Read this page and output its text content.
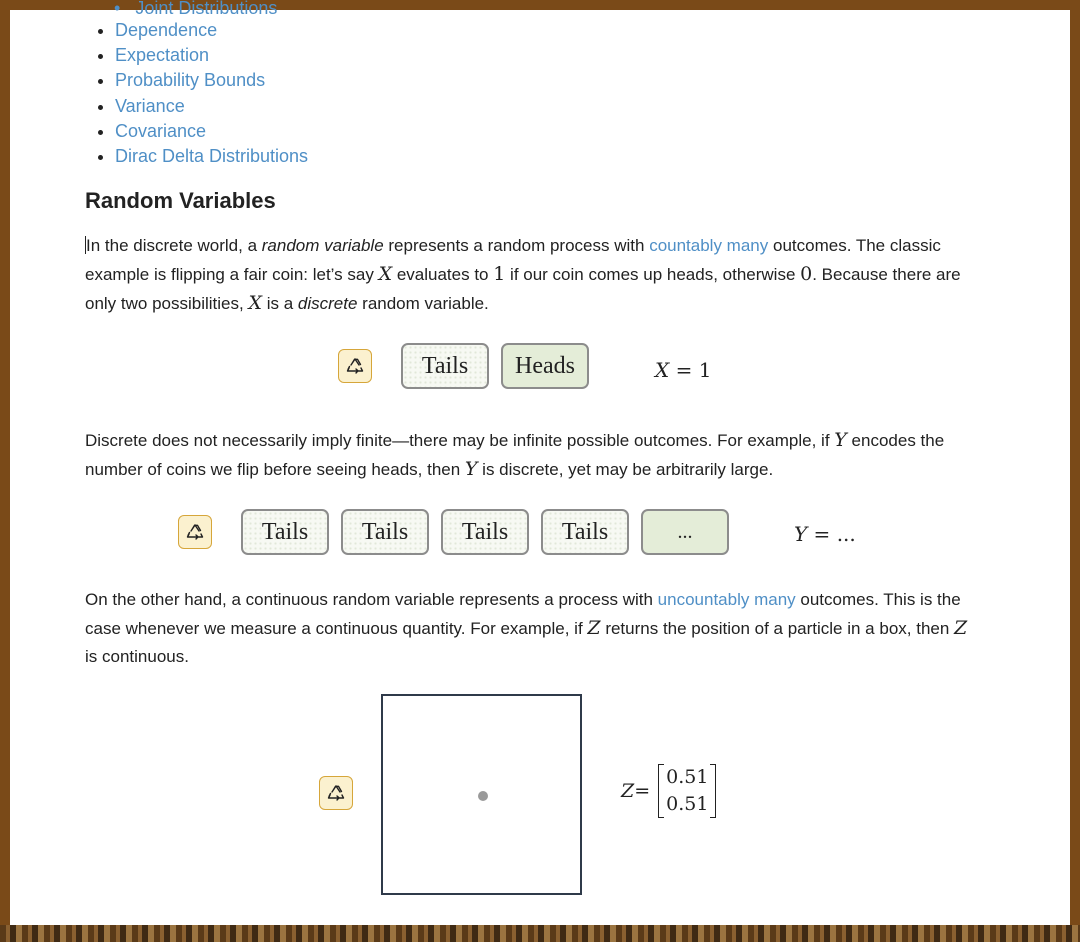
•   Joint Distributions
• Dependence
• Expectation
• Probability Bounds
• Variance
• Covariance
• Dirac Delta Distributions
Random Variables

In the discrete world, a random variable represents a random process with countably many outcomes. The classic example is flipping a fair coin: let’s say X evaluates to 1 if our coin comes up heads, otherwise 0. Because there are only two possibilities, X is a discrete random variable.

Tails	Heads	X = 1

Discrete does not necessarily imply finite—there may be infinite possible outcomes. For example, if Y encodes the number of coins we flip before seeing heads, then Y is discrete, yet may be arbitrarily large.

Tails	Tails	Tails	Tails	...	Y = ...

On the other hand, a continuous random variable represents a process with uncountably many outcomes. This is the case whenever we measure a continuous quantity. For example, if Z returns the position of a particle in a box, then Z is continuous.

Z =
0.51
0.51
